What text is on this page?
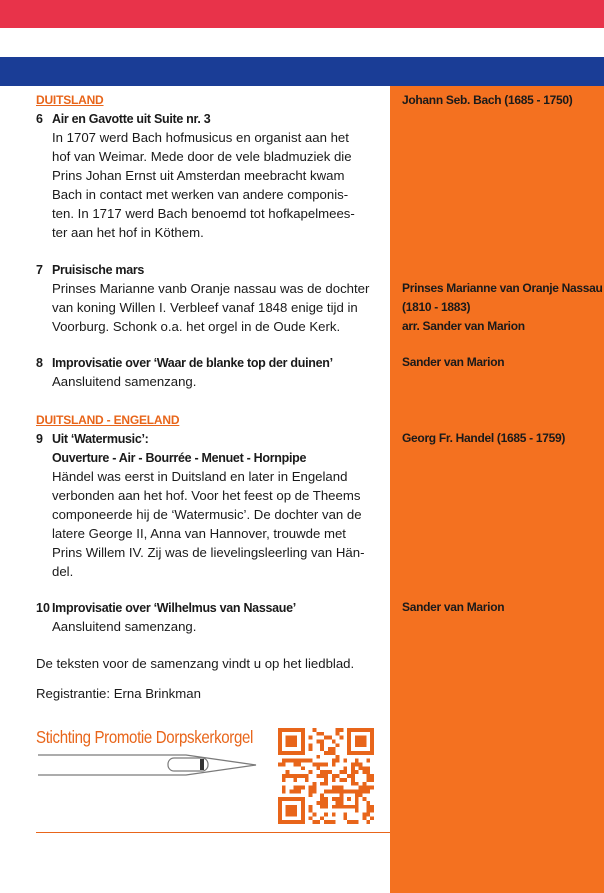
DUITSLAND
6 Air en Gavotte uit Suite nr. 3
In 1707 werd Bach hofmusicus en organist aan het
hof van Weimar. Mede door de vele bladmuziek die
Prins Johan Ernst uit Amsterdan meebracht kwam
Bach in contact met werken van andere componis-
ten. In 1717 werd Bach benoemd tot hofkapelmees-
ter aan het hof in Köthem.
Johann Seb. Bach (1685 - 1750)
7 Pruisische mars
Prinses Marianne vanb Oranje nassau was de dochter
van koning Willen I. Verbleef vanaf 1848 enige tijd in
Voorburg. Schonk o.a. het orgel in de Oude Kerk.
Prinses Marianne van Oranje Nassau
(1810 - 1883)
arr. Sander van Marion
8 Improvisatie over ‘Waar de blanke top der duinen’
Aansluitend samenzang.
Sander van Marion
DUITSLAND - ENGELAND
9 Uit ‘Watermusic’:
Ouverture - Air - Bourrée - Menuet - Hornpipe
Händel was eerst in Duitsland en later in Engeland
verbonden aan het hof. Voor het feest op de Theems
componeerde hij de ‘Watermusic’. De dochter van de
latere George II, Anna van Hannover, trouwde met
Prins Willem IV. Zij was de lievelingsleerling van Hän-
del.
Georg Fr. Handel (1685 - 1759)
10 Improvisatie over ‘Wilhelmus van Nassaue’
Aansluitend samenzang.
Sander van Marion
De teksten voor de samenzang vindt u op het liedblad.
Registrantie: Erna Brinkman
Stichting Promotie Dorpskerkorgel
